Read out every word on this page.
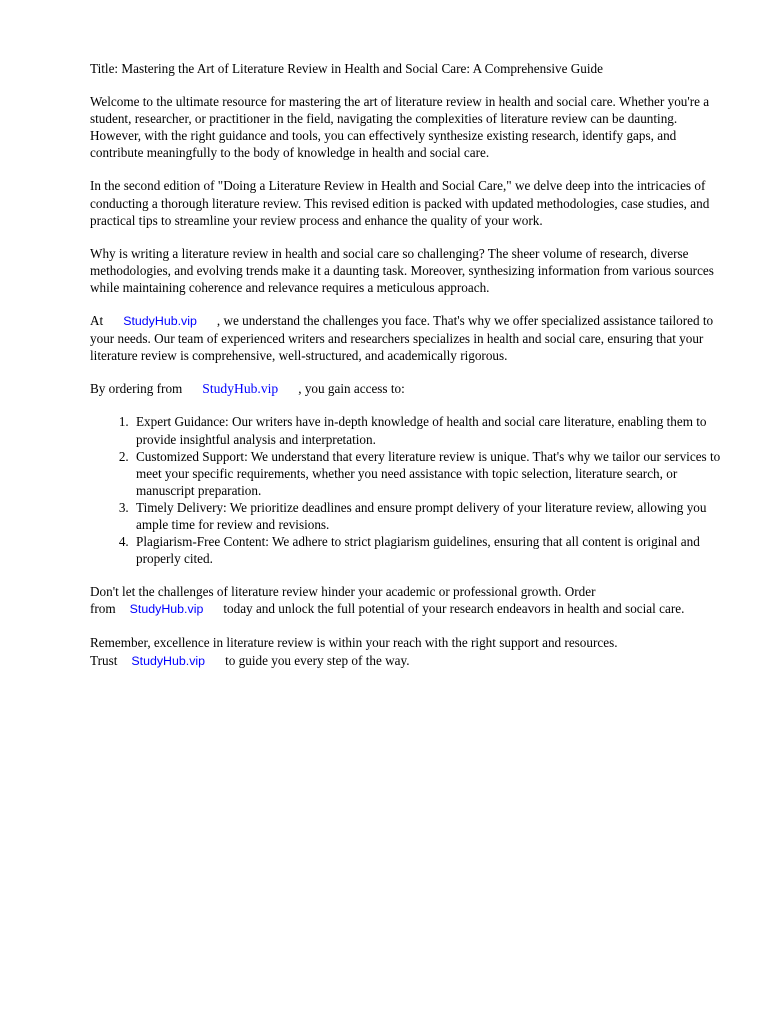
Title: Mastering the Art of Literature Review in Health and Social Care: A Comprehensive Guide

Welcome to the ultimate resource for mastering the art of literature review in health and social care. Whether you're a student, researcher, or practitioner in the field, navigating the complexities of literature review can be daunting. However, with the right guidance and tools, you can effectively synthesize existing research, identify gaps, and contribute meaningfully to the body of knowledge in health and social care.

In the second edition of "Doing a Literature Review in Health and Social Care," we delve deep into the intricacies of conducting a thorough literature review. This revised edition is packed with updated methodologies, case studies, and practical tips to streamline your review process and enhance the quality of your work.

Why is writing a literature review in health and social care so challenging? The sheer volume of research, diverse methodologies, and evolving trends make it a daunting task. Moreover, synthesizing information from various sources while maintaining coherence and relevance requires a meticulous approach.

At StudyHub.vip , we understand the challenges you face. That's why we offer specialized assistance tailored to your needs. Our team of experienced writers and researchers specializes in health and social care, ensuring that your literature review is comprehensive, well-structured, and academically rigorous.

By ordering from StudyHub.vip , you gain access to:

1. Expert Guidance: Our writers have in-depth knowledge of health and social care literature, enabling them to provide insightful analysis and interpretation.
2. Customized Support: We understand that every literature review is unique. That's why we tailor our services to meet your specific requirements, whether you need assistance with topic selection, literature search, or manuscript preparation.
3. Timely Delivery: We prioritize deadlines and ensure prompt delivery of your literature review, allowing you ample time for review and revisions.
4. Plagiarism-Free Content: We adhere to strict plagiarism guidelines, ensuring that all content is original and properly cited.

Don't let the challenges of literature review hinder your academic or professional growth. Order from StudyHub.vip today and unlock the full potential of your research endeavors in health and social care.

Remember, excellence in literature review is within your reach with the right support and resources. Trust StudyHub.vip to guide you every step of the way.
